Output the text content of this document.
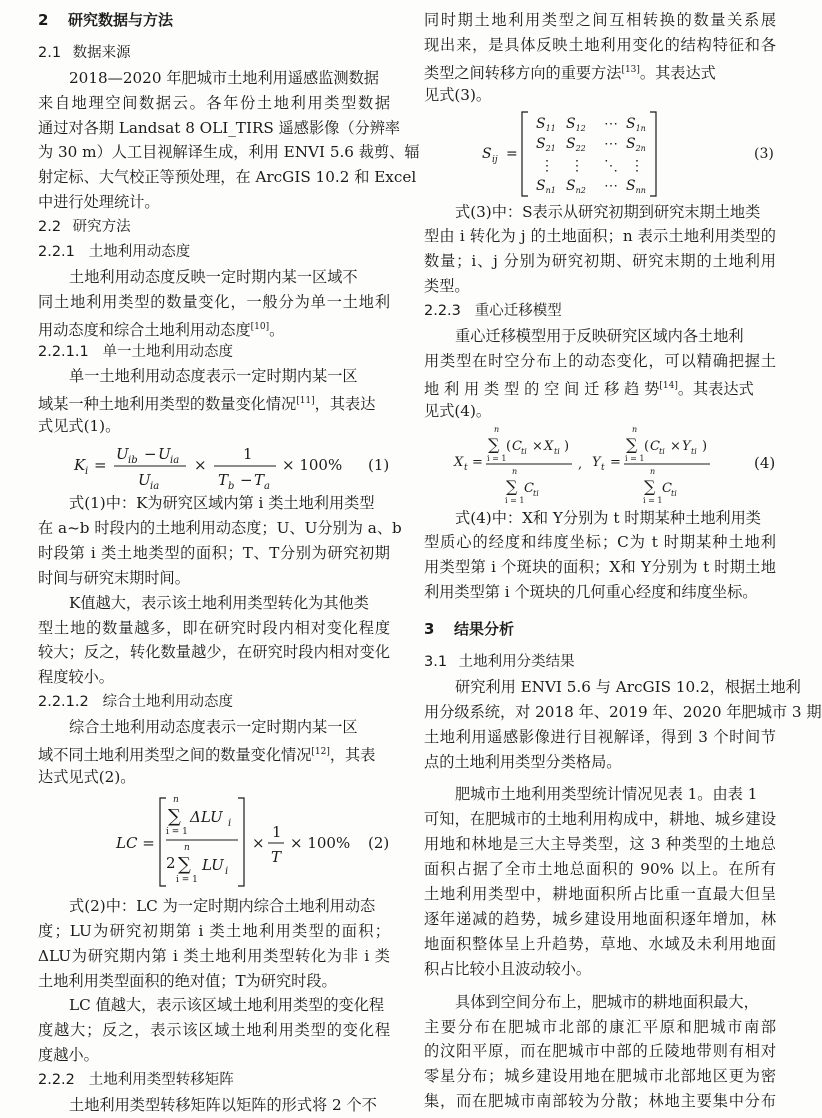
2 研究数据与方法
2.1 数据来源
2018—2020 年肥城市土地利用遥感监测数据
来自地理空间数据云。各年份土地利用类型数据
通过对各期 Landsat 8 OLI_TIRS 遥感影像（分辨率
为 30 m）人工目视解译生成，利用 ENVI 5.6 裁剪、辐
射定标、大气校正等预处理，在 ArcGIS 10.2 和 Excel
中进行处理统计。
2.2 研究方法
2.2.1 土地利用动态度
土地利用动态度反映一定时期内某一区域不
同土地利用类型的数量变化，一般分为单一土地利
用动态度和综合土地利用动态度[10]。
2.2.1.1 单一土地利用动态度
单一土地利用动态度表示一定时期内某一区
域某一种土地利用类型的数量变化情况[11]，其表达
式见式(1)。
K i =
U ib − U ia
U ia
×
1
T b − T a
× 100% (1)
式(1)中：K为研究区域内第 i 类土地利用类型
在 a~b 时段内的土地利用动态度；U、U分别为 a、b
时段第 i 类土地类型的面积；T、T分别为研究初期
时间与研究末期时间。
K值越大，表示该土地利用类型转化为其他类
型土地的数量越多，即在研究时段内相对变化程度
较大；反之，转化数量越少，在研究时段内相对变化
程度较小。
2.2.1.2 综合土地利用动态度
综合土地利用动态度表示一定时期内某一区
域不同土地利用类型之间的数量变化情况[12]，其表
达式见式(2)。
LC =
n
∑
i = 1
ΔLU i
2
n
∑
i = 1
LU i
×
1
T
× 100% (2)
式(2)中：LC 为一定时期内综合土地利用动态
度；LU为研究初期第 i 类土地利用类型的面积；
ΔLU为研究期内第 i 类土地利用类型转化为非 i 类
土地利用类型面积的绝对值；T为研究时段。
LC 值越大，表示该区域土地利用类型的变化程
度越大；反之，表示该区域土地利用类型的变化程
度越小。
2.2.2 土地利用类型转移矩阵
土地利用类型转移矩阵以矩阵的形式将 2 个不
同时期土地利用类型之间互相转换的数量关系展
现出来，是具体反映土地利用变化的结构特征和各
类型之间转移方向的重要方法[13]。其表达式
见式(3)。
S ij =
$S_{11}$ $S_{12}$ ⋯ $S_{1n}$
$S_{21}$ $S_{22}$ ⋯ $S_{2n}$
⋮ ⋮ ⋱ ⋮
$S_{n1}$ $S_{n2}$ ⋯ $S_{nn}$
(3)
式(3)中：S表示从研究初期到研究末期土地类
型由 i 转化为 j 的土地面积；n 表示土地利用类型的
数量；i、j 分别为研究初期、研究末期的土地利用
类型。
2.2.3 重心迁移模型
重心迁移模型用于反映研究区域内各土地利
用类型在时空分布上的动态变化，可以精确把握土
地 利 用 类 型 的 空 间 迁 移 趋 势[14]。其表达式
见式(4)。
X t =
n
∑
i = 1
( C ti × X ti )
n
∑
i = 1
C ti
, Y t =
n
∑
i = 1
( C ti × Y ti )
n
∑
i = 1
C ti
(4)
式(4)中：X和 Y分别为 t 时期某种土地利用类
型质心的经度和纬度坐标；C为 t 时期某种土地利
用类型第 i 个斑块的面积；X和 Y分别为 t 时期土地
利用类型第 i 个斑块的几何重心经度和纬度坐标。
3 结果分析
3.1 土地利用分类结果
研究利用 ENVI 5.6 与 ArcGIS 10.2，根据土地利
用分级系统，对 2018 年、2019 年、2020 年肥城市 3 期
土地利用遥感影像进行目视解译，得到 3 个时间节
点的土地利用类型分类格局。
肥城市土地利用类型统计情况见表 1。由表 1
可知，在肥城市的土地利用构成中，耕地、城乡建设
用地和林地是三大主导类型，这 3 种类型的土地总
面积占据了全市土地总面积的 90% 以上。在所有
土地利用类型中，耕地面积所占比重一直最大但呈
逐年递减的趋势，城乡建设用地面积逐年增加，林
地面积整体呈上升趋势，草地、水域及未利用地面
积占比较小且波动较小。
具体到空间分布上，肥城市的耕地面积最大，
主要分布在肥城市北部的康汇平原和肥城市南部
的汶阳平原，而在肥城市中部的丘陵地带则有相对
零星分布；城乡建设用地在肥城市北部地区更为密
集，而在肥城市南部较为分散；林地主要集中分布
